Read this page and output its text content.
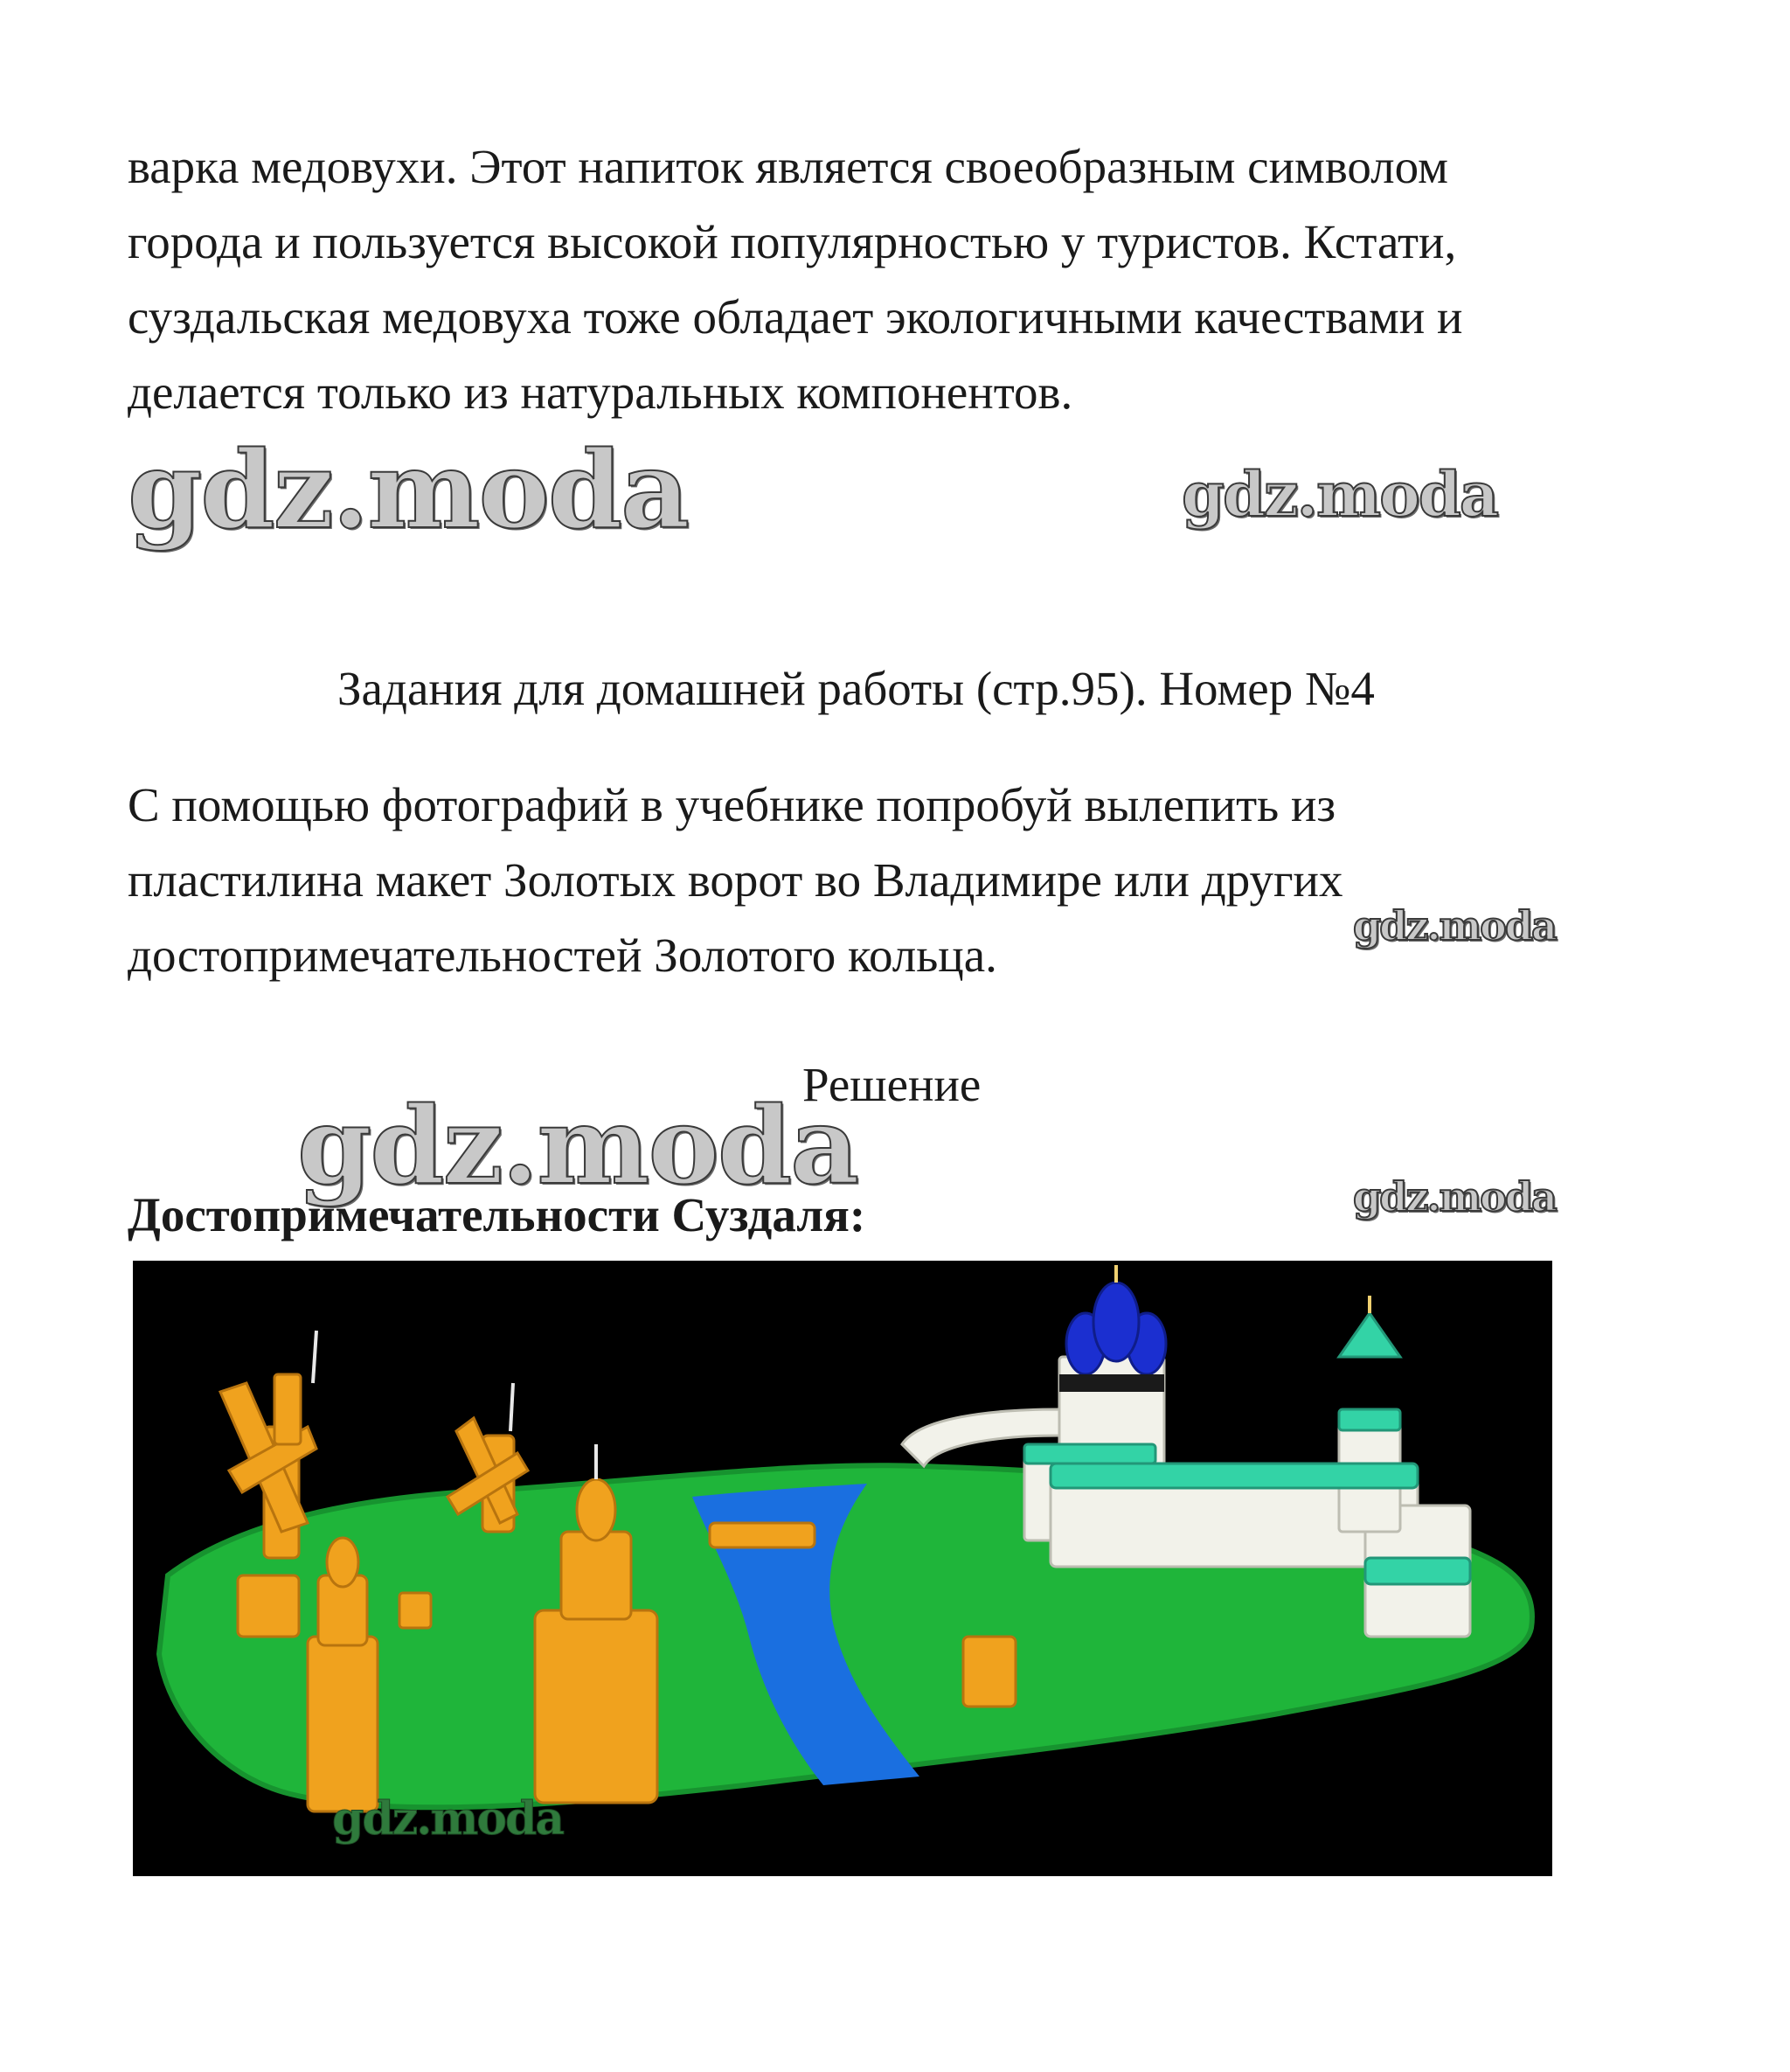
варка медовухи. Этот напиток является своеобразным символом
города и пользуется высокой популярностью у туристов. Кстати,
суздальская медовуха тоже обладает экологичными качествами и
делается только из натуральных компонентов.
gdz.moda	gdz.moda
Задания для домашней работы (стр.95). Номер №4
С помощью фотографий в учебнике попробуй вылепить из
пластилина макет Золотых ворот во Владимире или других
достопримечательностей Золотого кольца.
gdz.moda
gdz.moda
Решение
Достопримечательности Суздаля:	gdz.moda
gdz.moda
